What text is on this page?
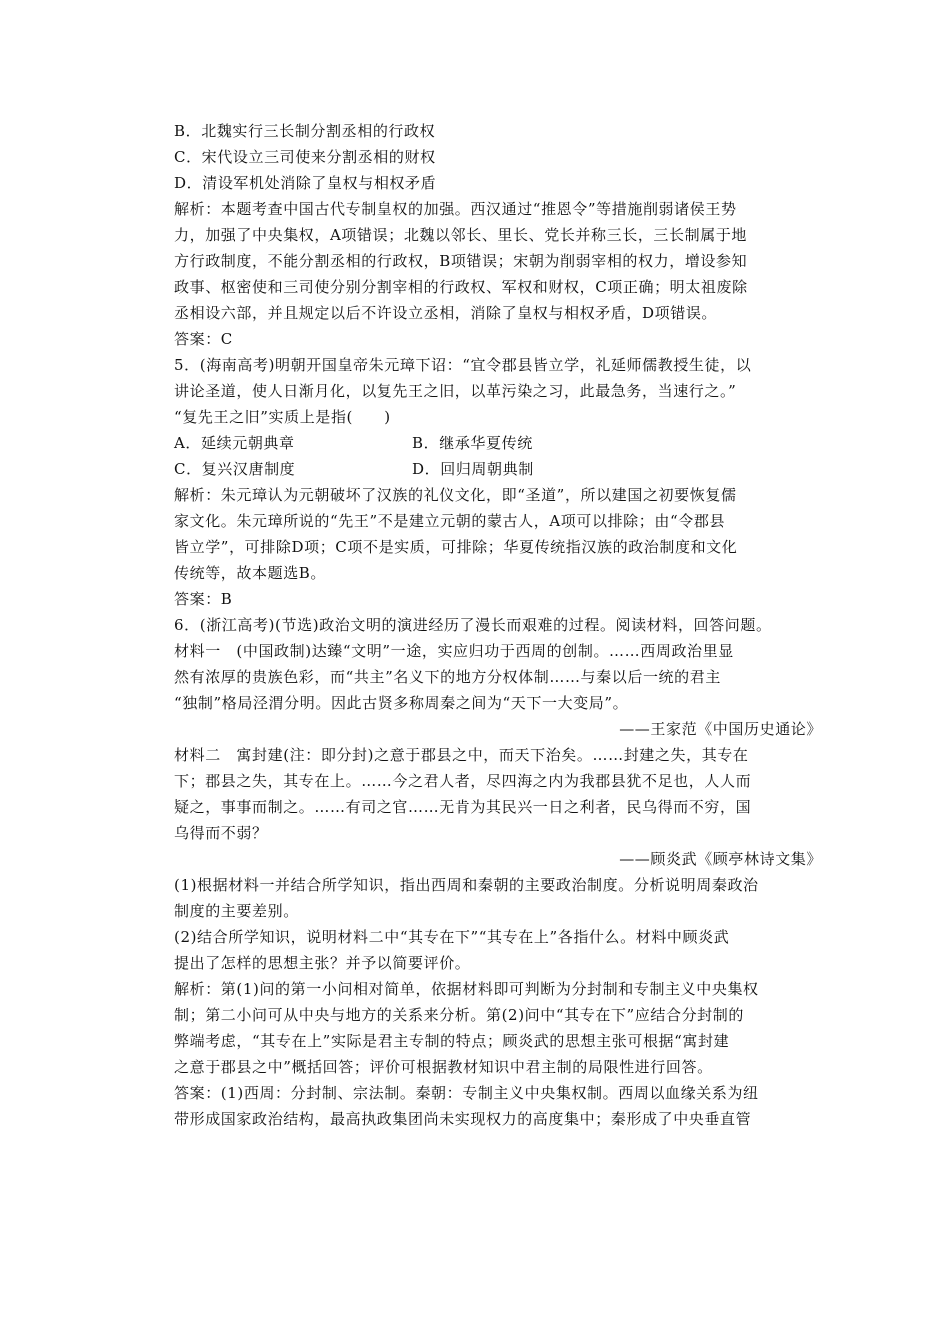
B．北魏实行三长制分割丞相的行政权
C．宋代设立三司使来分割丞相的财权
D．清设军机处消除了皇权与相权矛盾
解析：本题考查中国古代专制皇权的加强。西汉通过“推恩令”等措施削弱诸侯王势
力，加强了中央集权，A项错误；北魏以邻长、里长、党长并称三长，三长制属于地
方行政制度，不能分割丞相的行政权，B项错误；宋朝为削弱宰相的权力，增设参知
政事、枢密使和三司使分别分割宰相的行政权、军权和财权，C项正确；明太祖废除
丞相设六部，并且规定以后不许设立丞相，消除了皇权与相权矛盾，D项错误。
答案：C
5．(海南高考)明朝开国皇帝朱元璋下诏：“宜令郡县皆立学，礼延师儒教授生徒，以
讲论圣道，使人日渐月化，以复先王之旧，以革污染之习，此最急务，当速行之。”
“复先王之旧”实质上是指(　　)
A．延续元朝典章	B．继承华夏传统
C．复兴汉唐制度	D．回归周朝典制
解析：朱元璋认为元朝破坏了汉族的礼仪文化，即“圣道”，所以建国之初要恢复儒
家文化。朱元璋所说的“先王”不是建立元朝的蒙古人，A项可以排除；由“令郡县
皆立学”，可排除D项；C项不是实质，可排除；华夏传统指汉族的政治制度和文化
传统等，故本题选B。
答案：B
6．(浙江高考)(节选)政治文明的演进经历了漫长而艰难的过程。阅读材料，回答问题。
材料一　(中国政制)达臻“文明”一途，实应归功于西周的创制。……西周政治里显
然有浓厚的贵族色彩，而“共主”名义下的地方分权体制……与秦以后一统的君主
“独制”格局泾渭分明。因此古贤多称周秦之间为“天下一大变局”。
——王家范《中国历史通论》
材料二　寓封建(注：即分封)之意于郡县之中，而天下治矣。……封建之失，其专在
下；郡县之失，其专在上。……今之君人者，尽四海之内为我郡县犹不足也，人人而
疑之，事事而制之。……有司之官……无肯为其民兴一日之利者，民乌得而不穷，国
乌得而不弱？
——顾炎武《顾亭林诗文集》
(1)根据材料一并结合所学知识，指出西周和秦朝的主要政治制度。分析说明周秦政治
制度的主要差别。
(2)结合所学知识，说明材料二中“其专在下”“其专在上”各指什么。材料中顾炎武
提出了怎样的思想主张？并予以简要评价。
解析：第(1)问的第一小问相对简单，依据材料即可判断为分封制和专制主义中央集权
制；第二小问可从中央与地方的关系来分析。第(2)问中“其专在下”应结合分封制的
弊端考虑，“其专在上”实际是君主专制的特点；顾炎武的思想主张可根据“寓封建
之意于郡县之中”概括回答；评价可根据教材知识中君主制的局限性进行回答。
答案：(1)西周：分封制、宗法制。秦朝：专制主义中央集权制。西周以血缘关系为纽
带形成国家政治结构，最高执政集团尚未实现权力的高度集中；秦形成了中央垂直管
